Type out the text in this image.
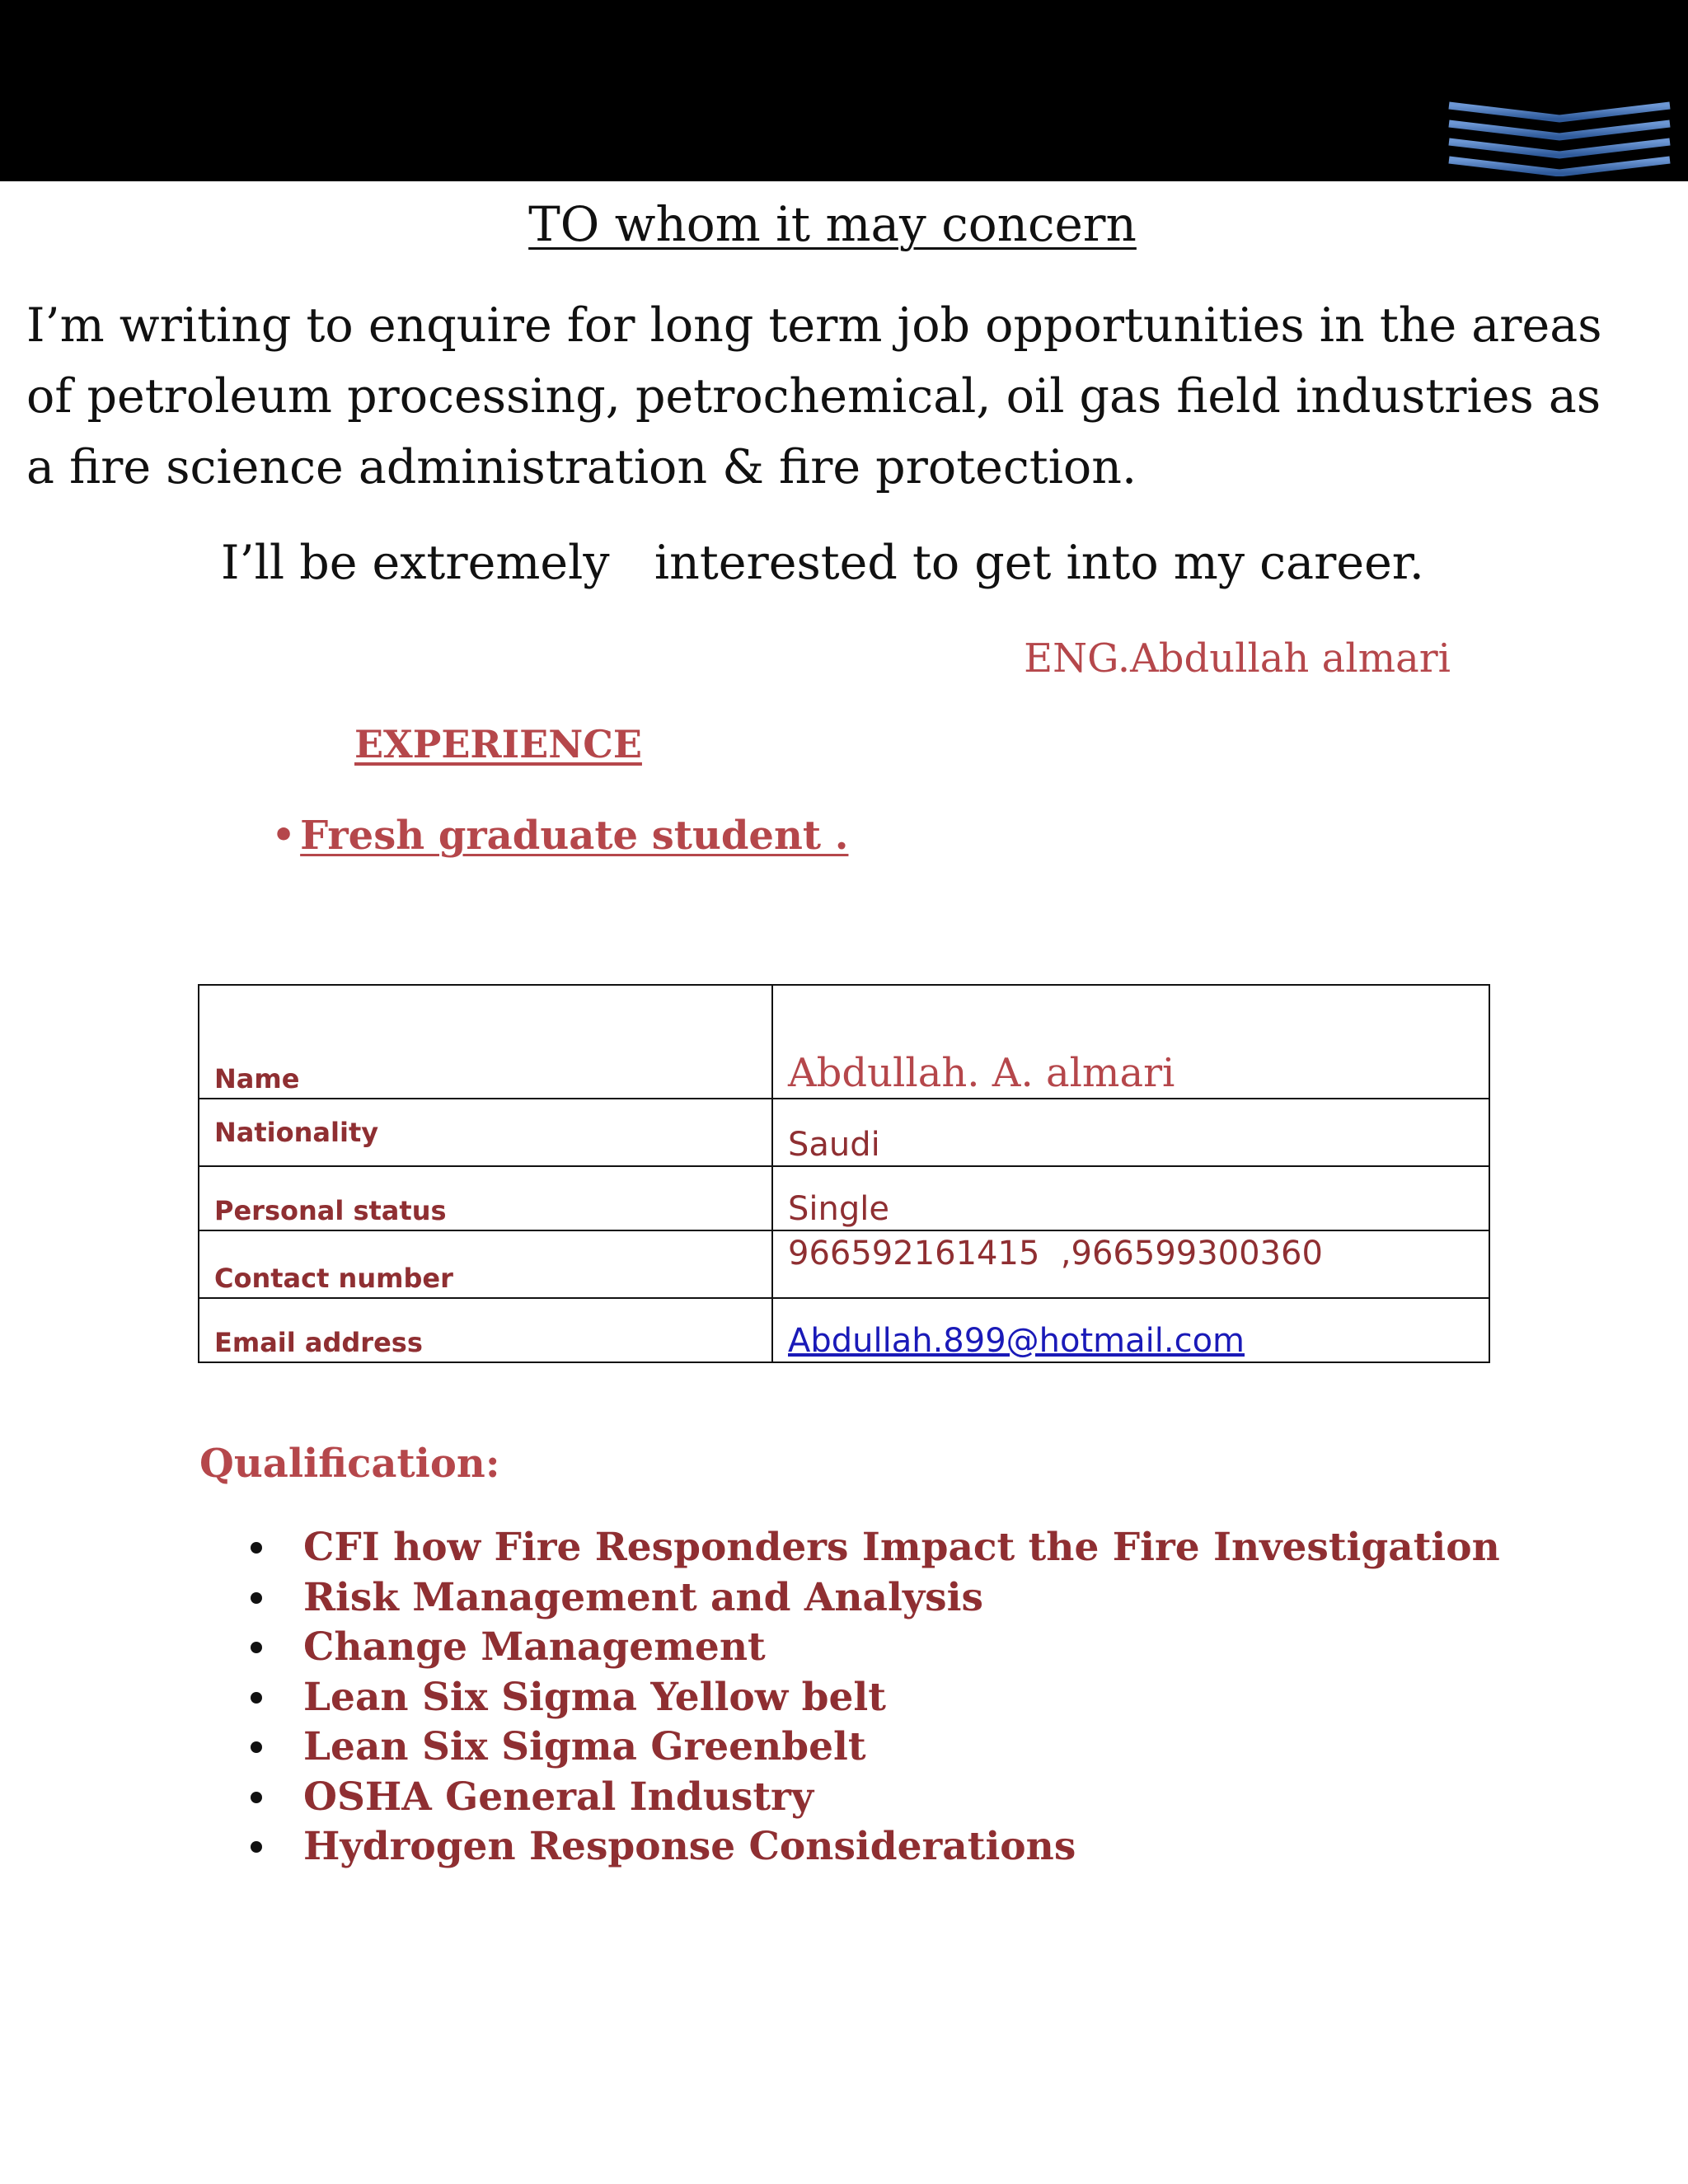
TO whom it may concern

I’m writing to enquire for long term job opportunities in the areas of petroleum processing, petrochemical, oil gas field industries as a fire science administration & fire protection.

I’ll be extremely   interested to get into my career.

ENG.Abdullah almari

EXPERIENCE
• Fresh graduate student .
Name	Abdullah. A. almari
Nationality	Saudi
Personal status	Single
Contact number	966592161415  ,966599300360
Email address	Abdullah.899@hotmail.com
Qualification:
CFI how Fire Responders Impact the Fire Investigation
Risk Management and Analysis
Change Management
Lean Six Sigma Yellow belt
Lean Six Sigma Greenbelt
OSHA General Industry
Hydrogen Response Considerations
